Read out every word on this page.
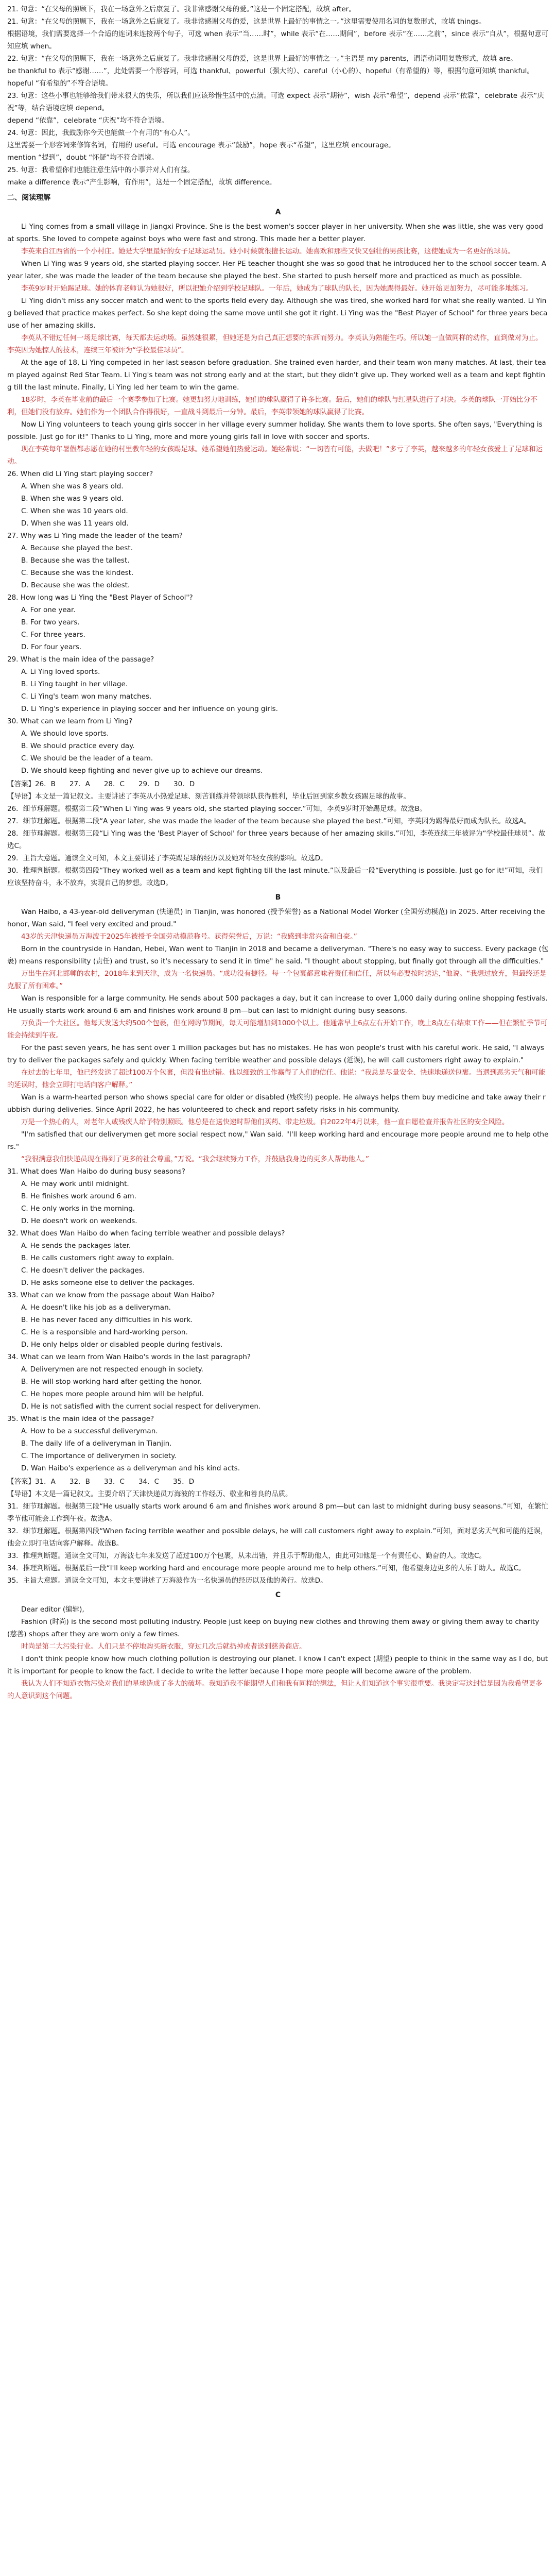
21. 句意：“在父母的照顾下，我在一场意外之后康复了。我非常感谢父母的爱。”这是一个固定搭配，故填 after。

21. 句意：“在父母的照顾下，我在一场意外之后康复了。我非常感谢父母的爱，这是世界上最好的事情之一。”这里需要使用名词的复数形式，故填 things。

根据语境，我们需要选择一个合适的连词来连接两个句子，可选 when 表示“当……时”，while 表示“在……期间”，before 表示“在……之前”，since 表示“自从”，根据句意可知应填 when。

22. 句意：“在父母的照顾下，我在一场意外之后康复了。我非常感谢父母的爱，这是世界上最好的事情之一。”主语是 my parents，谓语动词用复数形式，故填 are。

be thankful to 表示“感谢……”，此处需要一个形容词，可选 thankful、powerful（强大的）、careful（小心的）、hopeful（有希望的）等，根据句意可知填 thankful。

hopeful “有希望的”不符合语境。

23. 句意：这些小事也能够给我们带来很大的快乐，所以我们应该珍惜生活中的点滴。可选 expect 表示“期待”，wish 表示“希望”，depend 表示“依靠”，celebrate 表示“庆祝”等，结合语境应填 depend。

depend “依靠”，celebrate “庆祝”均不符合语境。

24. 句意：因此，我鼓励你今天也能做一个有用的“有心人”。

这里需要一个形容词来修饰名词，有用的 useful。可选 encourage 表示“鼓励”，hope 表示“希望”，这里应填 encourage。

mention “提到”，doubt “怀疑”均不符合语境。

25. 句意：我希望你们也能注意生活中的小事并对人们有益。

make a difference 表示“产生影响，有作用”，这是一个固定搭配，故填 difference。

二、阅读理解

A

Li Ying comes from a small village in Jiangxi Province. She is the best women's soccer player in her university. When she was little, she was very good at sports. She loved to compete against boys who were fast and strong. This made her a better player.

李英来自江西省的一个小村庄。她是大学里最好的女子足球运动员。她小时候就很擅长运动。她喜欢和那些又快又强壮的男孩比赛，这使她成为一名更好的球员。

When Li Ying was 9 years old, she started playing soccer. Her PE teacher thought she was so good that he introduced her to the school soccer team. A year later, she was made the leader of the team because she played the best. She started to push herself more and practiced as much as possible.

李英9岁时开始踢足球。她的体育老师认为她很好，所以把她介绍到学校足球队。一年后，她成为了球队的队长，因为她踢得最好。她开始更加努力，尽可能多地练习。

Li Ying didn't miss any soccer match and went to the sports field every day. Although she was tired, she worked hard for what she really wanted. Li Ying believed that practice makes perfect. So she kept doing the same move until she got it right. Li Ying was the "Best Player of School" for three years because of her amazing skills.

李英从不错过任何一场足球比赛，每天都去运动场。虽然她很累，但她还是为自己真正想要的东西而努力。李英认为熟能生巧。所以她一直做同样的动作，直到做对为止。李英因为她惊人的技术，连续三年被评为“学校最佳球员”。

At the age of 18, Li Ying competed in her last season before graduation. She trained even harder, and their team won many matches. At last, their team played against Red Star Team. Li Ying's team was not strong early and at the start, but they didn't give up. They worked well as a team and kept fighting till the last minute. Finally, Li Ying led her team to win the game.

18岁时，李英在毕业前的最后一个赛季参加了比赛。她更加努力地训练，她们的球队赢得了许多比赛。最后，她们的球队与红星队进行了对决。李英的球队一开始比分不利，但她们没有放弃。她们作为一个团队合作得很好，一直战斗到最后一分钟。最后，李英带领她的球队赢得了比赛。

Now Li Ying volunteers to teach young girls soccer in her village every summer holiday. She wants them to love sports. She often says, "Everything is possible. Just go for it!" Thanks to Li Ying, more and more young girls fall in love with soccer and sports.

现在李英每年暑假都志愿在她的村里教年轻的女孩踢足球。她希望她们热爱运动。她经常说：“一切皆有可能，去做吧！”多亏了李英，越来越多的年轻女孩爱上了足球和运动。

26. When did Li Ying start playing soccer?

A. When she was 8 years old.

B. When she was 9 years old.

C. When she was 10 years old.

D. When she was 11 years old.

27. Why was Li Ying made the leader of the team?

A. Because she played the best.

B. Because she was the tallest.

C. Because she was the kindest.

D. Because she was the oldest.

28. How long was Li Ying the "Best Player of School"?

A. For one year.

B. For two years.

C. For three years.

D. For four years.

29. What is the main idea of the passage?

A. Li Ying loved sports.

B. Li Ying taught in her village.

C. Li Ying's team won many matches.

D. Li Ying's experience in playing soccer and her influence on young girls.

30. What can we learn from Li Ying?

A. We should love sports.

B. We should practice every day.

C. We should be the leader of a team.

D. We should keep fighting and never give up to achieve our dreams.

【答案】26．B　　27．A　　28．C　　29．D　　30．D

【导语】本文是一篇记叙文。主要讲述了李英从小热爱足球、刻苦训练并带领球队获得胜利，毕业后回到家乡教女孩踢足球的故事。

26．细节理解题。根据第二段“When Li Ying was 9 years old, she started playing soccer.”可知，李英9岁时开始踢足球。故选B。

27．细节理解题。根据第二段“A year later, she was made the leader of the team because she played the best.”可知，李英因为踢得最好而成为队长。故选A。

28．细节理解题。根据第三段“Li Ying was the 'Best Player of School' for three years because of her amazing skills.”可知，李英连续三年被评为“学校最佳球员”。故选C。

29．主旨大意题。通读全文可知，本文主要讲述了李英踢足球的经历以及她对年轻女孩的影响。故选D。

30．推理判断题。根据第四段“They worked well as a team and kept fighting till the last minute.”以及最后一段“Everything is possible. Just go for it!”可知，我们应该坚持奋斗，永不放弃，实现自己的梦想。故选D。

B

Wan Haibo, a 43-year-old deliveryman (快递员) in Tianjin, was honored (授予荣誉) as a National Model Worker (全国劳动模范) in 2025. After receiving the honor, Wan said, "I feel very excited and proud."

43岁的天津快递员万海波于2025年被授予全国劳动模范称号。获得荣誉后，万说：“我感到非常兴奋和自豪。”

Born in the countryside in Handan, Hebei, Wan went to Tianjin in 2018 and became a deliveryman. "There's no easy way to success. Every package (包裹) means responsibility (责任) and trust, so it's necessary to send it in time" he said. "I thought about stopping, but finally got through all the difficulties."

万出生在河北邯郸的农村，2018年来到天津，成为一名快递员。“成功没有捷径。每一个包裹都意味着责任和信任，所以有必要按时送达，”他说。“我想过放弃，但最终还是克服了所有困难。”

Wan is responsible for a large community. He sends about 500 packages a day, but it can increase to over 1,000 daily during online shopping festivals. He usually starts work around 6 am and finishes work around 8 pm—but can last to midnight during busy seasons.

万负责一个大社区。他每天发送大约500个包裹，但在网购节期间，每天可能增加到1000个以上。他通常早上6点左右开始工作，晚上8点左右结束工作——但在繁忙季节可能会持续到午夜。

For the past seven years, he has sent over 1 million packages but has no mistakes. He has won people's trust with his careful work. He said, "I always try to deliver the packages safely and quickly. When facing terrible weather and possible delays (延误), he will call customers right away to explain."

在过去的七年里，他已经发送了超过100万个包裹，但没有出过错。他以细致的工作赢得了人们的信任。他说：“我总是尽量安全、快速地递送包裹。当遇到恶劣天气和可能的延误时，他会立即打电话向客户解释。”

Wan is a warm-hearted person who shows special care for older or disabled (残疾的) people. He always helps them buy medicine and take away their rubbish during deliveries. Since April 2022, he has volunteered to check and report safety risks in his community.

万是一个热心的人，对老年人或残疾人给予特别照顾。他总是在送快递时帮他们买药、带走垃圾。自2022年4月以来，他一直自愿检查并报告社区的安全风险。

"I'm satisfied that our deliverymen get more social respect now," Wan said. "I'll keep working hard and encourage more people around me to help others."

“我很满意我们快递员现在得到了更多的社会尊重，”万说。“我会继续努力工作，并鼓励我身边的更多人帮助他人。”

31. What does Wan Haibo do during busy seasons?

A. He may work until midnight.

B. He finishes work around 6 am.

C. He only works in the morning.

D. He doesn't work on weekends.

32. What does Wan Haibo do when facing terrible weather and possible delays?

A. He sends the packages later.

B. He calls customers right away to explain.

C. He doesn't deliver the packages.

D. He asks someone else to deliver the packages.

33. What can we know from the passage about Wan Haibo?

A. He doesn't like his job as a deliveryman.

B. He has never faced any difficulties in his work.

C. He is a responsible and hard-working person.

D. He only helps older or disabled people during festivals.

34. What can we learn from Wan Haibo's words in the last paragraph?

A. Deliverymen are not respected enough in society.

B. He will stop working hard after getting the honor.

C. He hopes more people around him will be helpful.

D. He is not satisfied with the current social respect for deliverymen.

35. What is the main idea of the passage?

A. How to be a successful deliveryman.

B. The daily life of a deliveryman in Tianjin.

C. The importance of deliverymen in society.

D. Wan Haibo's experience as a deliveryman and his kind acts.

【答案】31．A　　32．B　　33．C　　34．C　　35．D

【导语】本文是一篇记叙文。主要介绍了天津快递员万海波的工作经历、敬业和善良的品质。

31．细节理解题。根据第三段“He usually starts work around 6 am and finishes work around 8 pm—but can last to midnight during busy seasons.”可知，在繁忙季节他可能会工作到午夜。故选A。

32．细节理解题。根据第四段“When facing terrible weather and possible delays, he will call customers right away to explain.”可知，面对恶劣天气和可能的延误，他会立即打电话向客户解释。故选B。

33．推理判断题。通读全文可知，万海波七年来发送了超过100万个包裹，从未出错，并且乐于帮助他人，由此可知他是一个有责任心、勤奋的人。故选C。

34．推理判断题。根据最后一段“I'll keep working hard and encourage more people around me to help others.”可知，他希望身边更多的人乐于助人。故选C。

35．主旨大意题。通读全文可知，本文主要讲述了万海波作为一名快递员的经历以及他的善行。故选D。

C

Dear editor (编辑),

Fashion (时尚) is the second most polluting industry. People just keep on buying new clothes and throwing them away or giving them away to charity (慈善) shops after they are worn only a few times.

时尚是第二大污染行业。人们只是不停地购买新衣服，穿过几次后就扔掉或者送到慈善商店。

I don't think people know how much clothing pollution is destroying our planet. I know I can't expect (期望) people to think in the same way as I do, but it is important for people to know the fact. I decide to write the letter because I hope more people will become aware of the problem.

我认为人们不知道衣物污染对我们的星球造成了多大的破坏。我知道我不能期望人们和我有同样的想法，但让人们知道这个事实很重要。我决定写这封信是因为我希望更多的人意识到这个问题。
